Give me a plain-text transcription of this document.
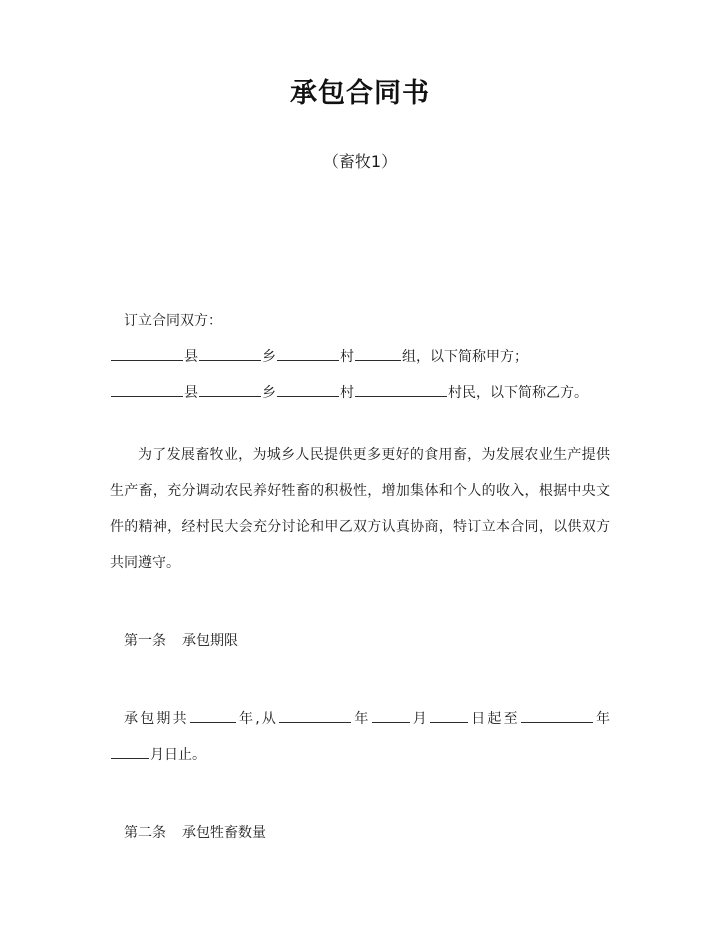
承包合同书
（畜牧1）
订立合同双方：
县	乡	村	组，以下简称甲方；
县	乡	村	村民，以下简称乙方。
为了发展畜牧业，为城乡人民提供更多更好的食用畜，为发展农业生产提供生产畜，充分调动农民养好牲畜的积极性，增加集体和个人的收入，根据中央文件的精神，经村民大会充分讨论和甲乙双方认真协商，特订立本合同，以供双方共同遵守。
第一条 承包期限
承包期共	年,从	年	月	日起至	年月日止。
第二条 承包牲畜数量
